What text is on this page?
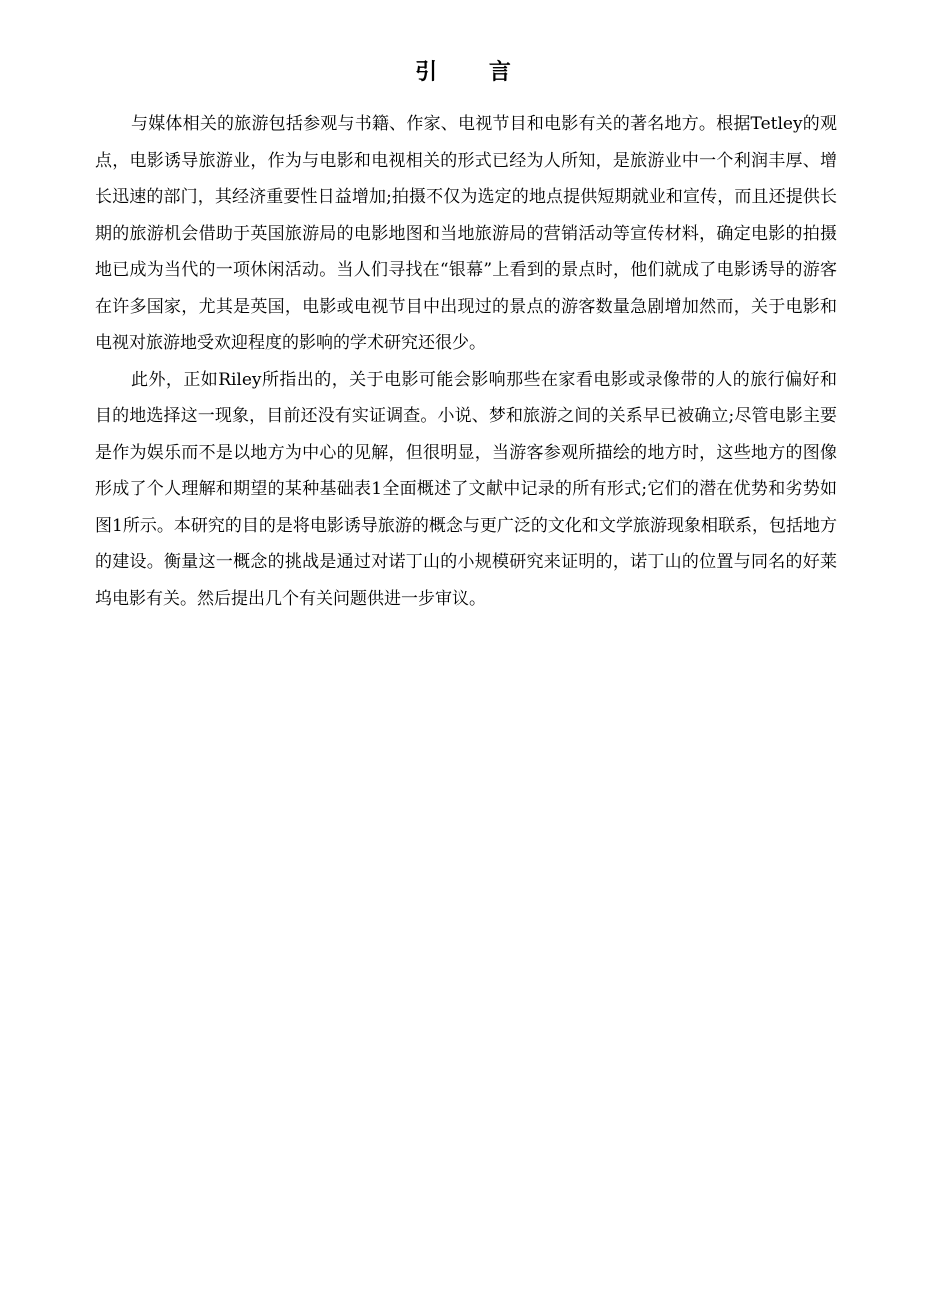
引 言

与媒体相关的旅游包括参观与书籍、作家、电视节目和电影有关的著名地方。根据Tetley的观点，电影诱导旅游业，作为与电影和电视相关的形式已经为人所知，是旅游业中一个利润丰厚、增长迅速的部门，其经济重要性日益增加;拍摄不仅为选定的地点提供短期就业和宣传，而且还提供长期的旅游机会借助于英国旅游局的电影地图和当地旅游局的营销活动等宣传材料，确定电影的拍摄地已成为当代的一项休闲活动。当人们寻找在“银幕”上看到的景点时，他们就成了电影诱导的游客在许多国家，尤其是英国，电影或电视节目中出现过的景点的游客数量急剧增加然而，关于电影和电视对旅游地受欢迎程度的影响的学术研究还很少。

此外，正如Riley所指出的，关于电影可能会影响那些在家看电影或录像带的人的旅行偏好和目的地选择这一现象，目前还没有实证调查。小说、梦和旅游之间的关系早已被确立;尽管电影主要是作为娱乐而不是以地方为中心的见解，但很明显，当游客参观所描绘的地方时，这些地方的图像形成了个人理解和期望的某种基础表1全面概述了文献中记录的所有形式;它们的潜在优势和劣势如图1所示。本研究的目的是将电影诱导旅游的概念与更广泛的文化和文学旅游现象相联系，包括地方的建设。衡量这一概念的挑战是通过对诺丁山的小规模研究来证明的，诺丁山的位置与同名的好莱坞电影有关。然后提出几个有关问题供进一步审议。
